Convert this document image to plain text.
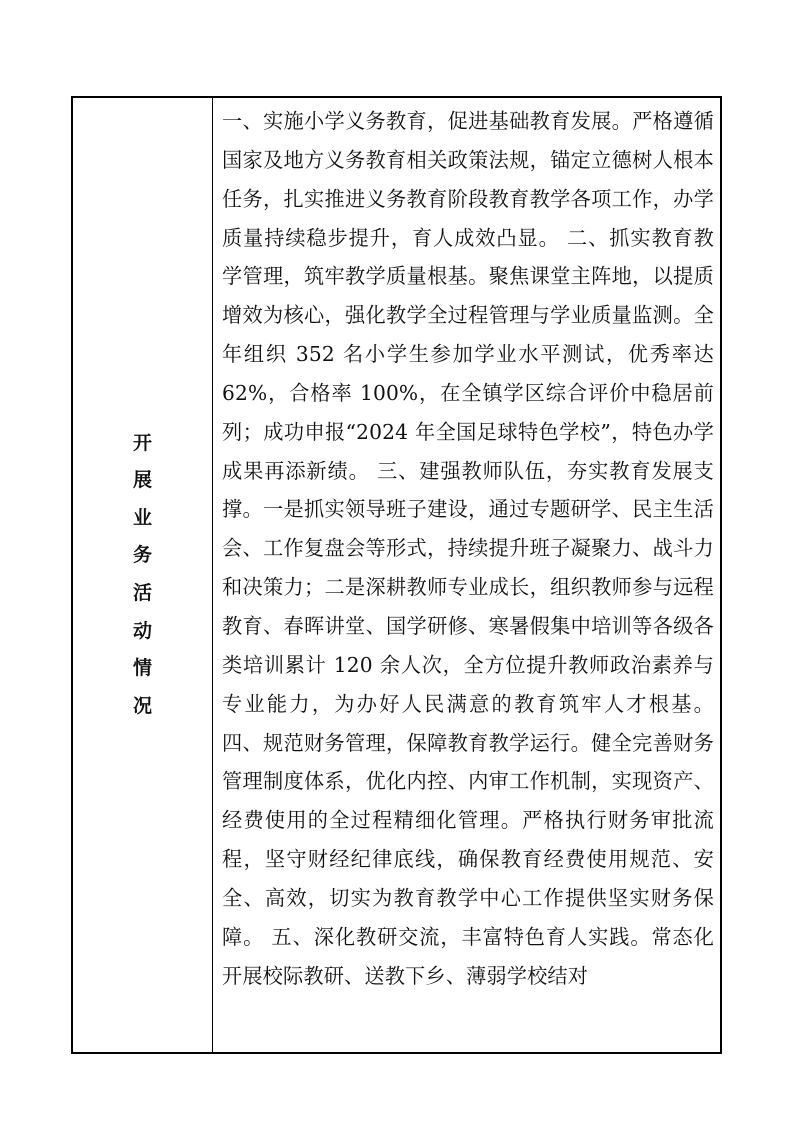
开
展
业
务
活
动
情
况

一、实施小学义务教育，促进基础教育发展。严格遵循国家及地方义务教育相关政策法规，锚定立德树人根本任务，扎实推进义务教育阶段教育教学各项工作，办学质量持续稳步提升，育人成效凸显。 二、抓实教育教学管理，筑牢教学质量根基。聚焦课堂主阵地，以提质增效为核心，强化教学全过程管理与学业质量监测。全年组织 352 名小学生参加学业水平测试，优秀率达 62%，合格率 100%，在全镇学区综合评价中稳居前列；成功申报“2024 年全国足球特色学校”，特色办学成果再添新绩。 三、建强教师队伍，夯实教育发展支撑。一是抓实领导班子建设，通过专题研学、民主生活会、工作复盘会等形式，持续提升班子凝聚力、战斗力和决策力；二是深耕教师专业成长，组织教师参与远程教育、春晖讲堂、国学研修、寒暑假集中培训等各级各类培训累计 120 余人次，全方位提升教师政治素养与专业能力，为办好人民满意的教育筑牢人才根基。 四、规范财务管理，保障教育教学运行。健全完善财务管理制度体系，优化内控、内审工作机制，实现资产、经费使用的全过程精细化管理。严格执行财务审批流程，坚守财经纪律底线，确保教育经费使用规范、安全、高效，切实为教育教学中心工作提供坚实财务保障。 五、深化教研交流，丰富特色育人实践。常态化开展校际教研、送教下乡、薄弱学校结对
